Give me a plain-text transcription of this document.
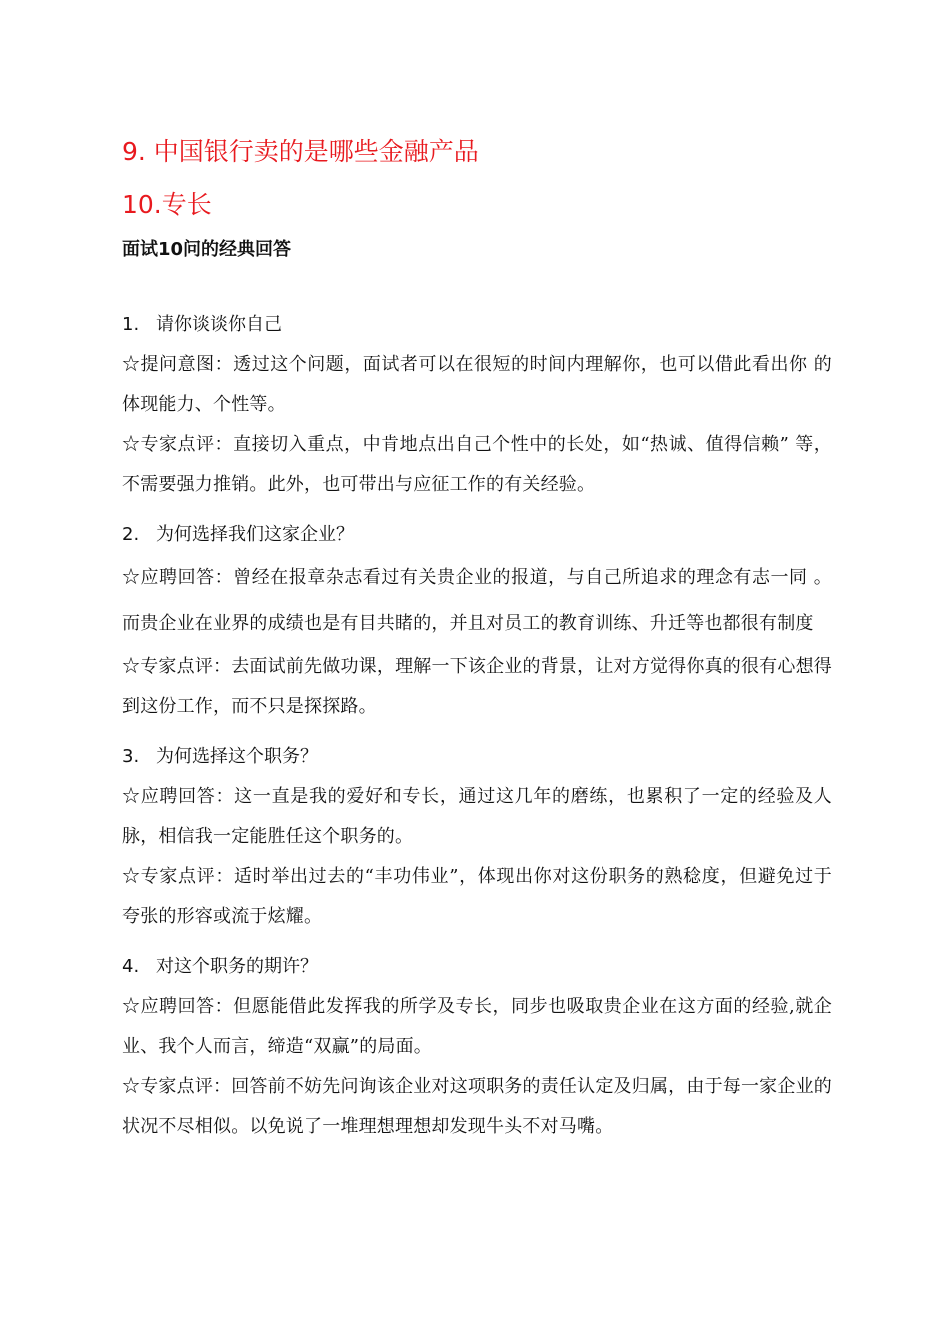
9. 中国银行卖的是哪些金融产品

10.专长

面试10问的经典回答

1. 请你谈谈你自己

☆提问意图：透过这个问题，面试者可以在很短的时间内理解你，也可以借此看出你 的体现能力、个性等。

☆专家点评：直接切入重点，中肯地点出自己个性中的长处，如“热诚、值得信赖” 等，不需要强力推销。此外，也可带出与应征工作的有关经验。

2. 为何选择我们这家企业？

☆应聘回答：曾经在报章杂志看过有关贵企业的报道，与自己所追求的理念有志一同 。而贵企业在业界的成绩也是有目共睹的，并且对员工的教育训练、升迁等也都很有制度

☆专家点评：去面试前先做功课，理解一下该企业的背景，让对方觉得你真的很有心想得到这份工作，而不只是探探路。

3. 为何选择这个职务？

☆应聘回答：这一直是我的爱好和专长，通过这几年的磨练，也累积了一定的经验及人脉，相信我一定能胜任这个职务的。

☆专家点评：适时举出过去的“丰功伟业”，体现出你对这份职务的熟稔度，但避免过于夸张的形容或流于炫耀。

4. 对这个职务的期许？

☆应聘回答：但愿能借此发挥我的所学及专长，同步也吸取贵企业在这方面的经验,就企业、我个人而言，缔造“双赢”的局面。

☆专家点评：回答前不妨先问询该企业对这项职务的责任认定及归属，由于每一家企业的状况不尽相似。以免说了一堆理想理想却发现牛头不对马嘴。
